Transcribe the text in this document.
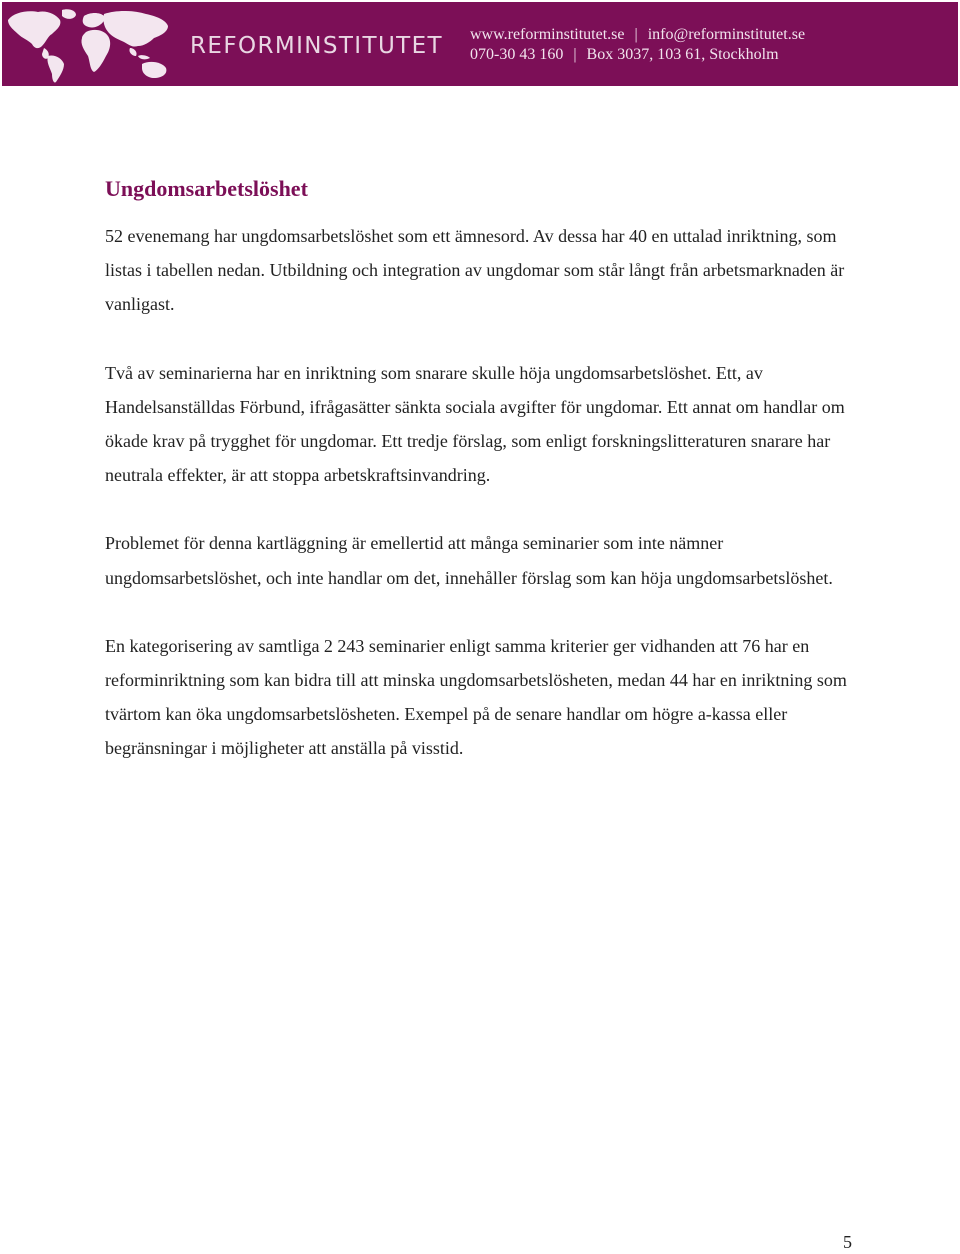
REFORMINSTITUTET www.reforminstitutet.se | info@reforminstitutet.se
070-30 43 160 | Box 3037, 103 61, Stockholm
Ungdomsarbetslöshet

52 evenemang har ungdomsarbetslöshet som ett ämnesord. Av dessa har 40 en uttalad inriktning, som listas i tabellen nedan. Utbildning och integration av ungdomar som står långt från arbetsmarknaden är vanligast.

Två av seminarierna har en inriktning som snarare skulle höja ungdomsarbetslöshet. Ett, av Handelsanställdas Förbund, ifrågasätter sänkta sociala avgifter för ungdomar. Ett annat om handlar om ökade krav på trygghet för ungdomar. Ett tredje förslag, som enligt forskningslitteraturen snarare har neutrala effekter, är att stoppa arbetskraftsinvandring.

Problemet för denna kartläggning är emellertid att många seminarier som inte nämner ungdomsarbetslöshet, och inte handlar om det, innehåller förslag som kan höja ungdomsarbetslöshet.

En kategorisering av samtliga 2 243 seminarier enligt samma kriterier ger vidhanden att 76 har en reforminriktning som kan bidra till att minska ungdomsarbetslösheten, medan 44 har en inriktning som tvärtom kan öka ungdomsarbetslösheten. Exempel på de senare handlar om högre a-kassa eller begränsningar i möjligheter att anställa på visstid.

5
